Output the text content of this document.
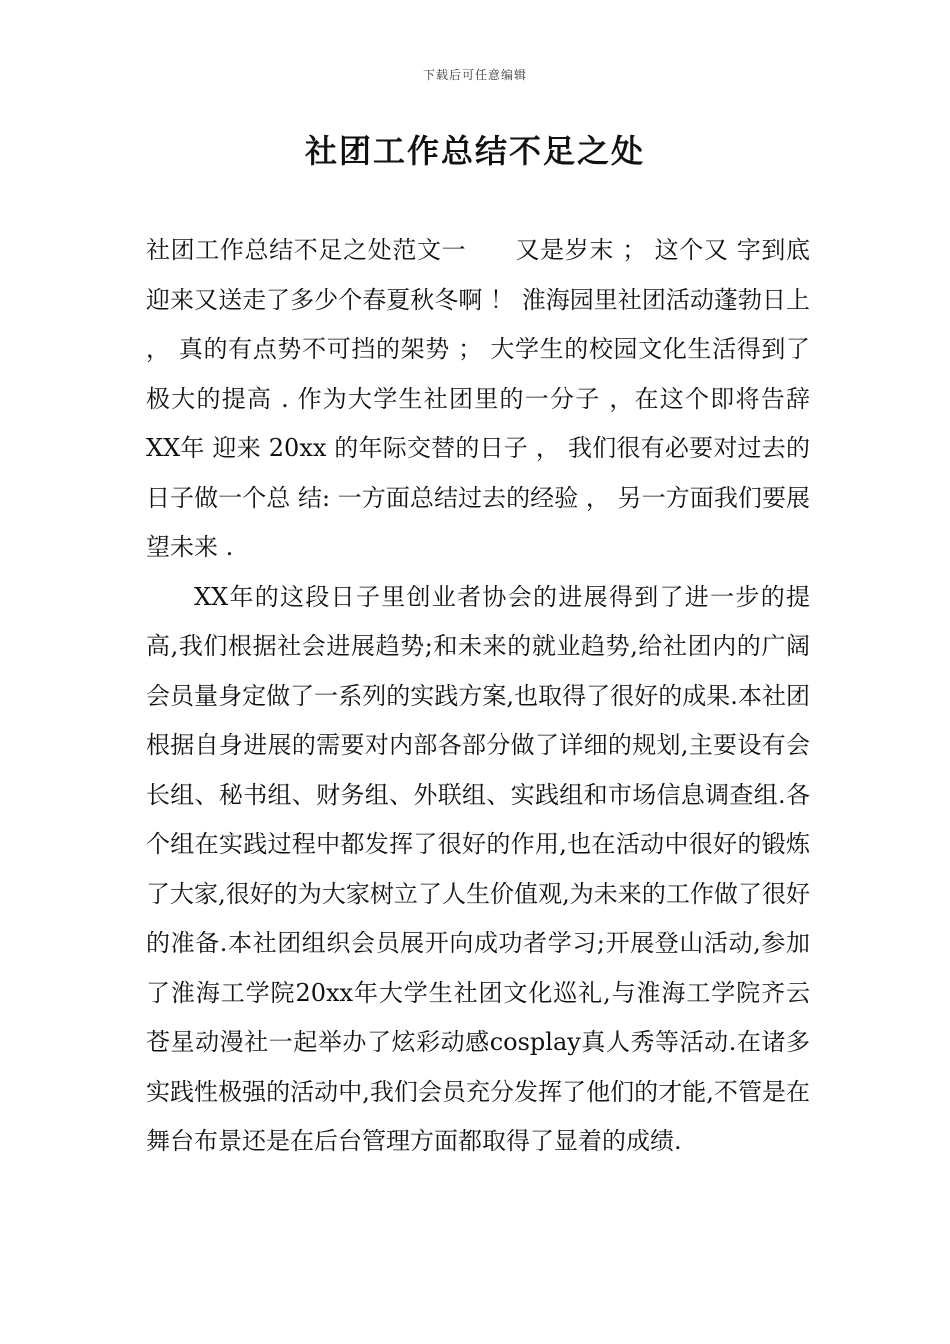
下载后可任意编辑
社团工作总结不足之处

社团工作总结不足之处范文一　　又是岁末 ； 这个又 字到底迎来又送走了多少个春夏秋冬啊 ！ 淮海园里社团活动蓬勃日上 ， 真的有点势不可挡的架势 ； 大学生的校园文化生活得到了极大的提高 . 作为大学生社团里的一分子 ，在这个即将告辞 XX年 迎来 20xx 的年际交替的日子 ， 我们很有必要对过去的日子做一个总 结: 一方面总结过去的经验 ， 另一方面我们要展望未来 .

XX年的这段日子里创业者协会的进展得到了进一步的提高,我们根据社会进展趋势;和未来的就业趋势,给社团内的广阔会员量身定做了一系列的实践方案,也取得了很好的成果.本社团根据自身进展的需要对内部各部分做了详细的规划,主要设有会长组、秘书组、财务组、外联组、实践组和市场信息调查组.各个组在实践过程中都发挥了很好的作用,也在活动中很好的锻炼了大家,很好的为大家树立了人生价值观,为未来的工作做了很好的准备.本社团组织会员展开向成功者学习;开展登山活动,参加了淮海工学院20xx年大学生社团文化巡礼,与淮海工学院齐云苍星动漫社一起举办了炫彩动感cosplay真人秀等活动.在诸多实践性极强的活动中,我们会员充分发挥了他们的才能,不管是在舞台布景还是在后台管理方面都取得了显着的成绩.
